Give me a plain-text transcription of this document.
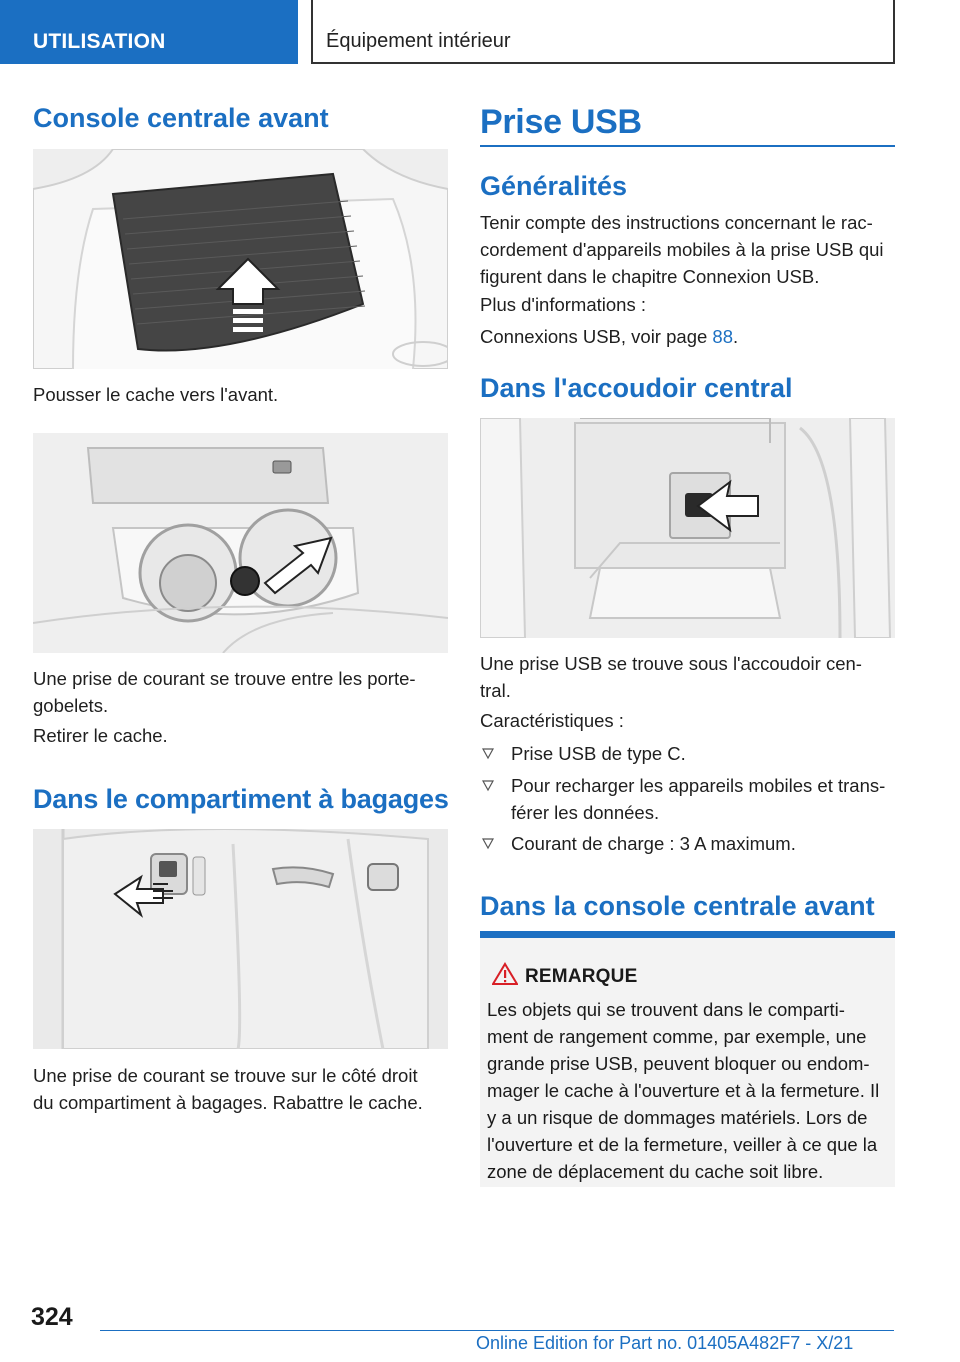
UTILISATION	Équipement intérieur
Console centrale avant
Pousser le cache vers l'avant.
Une prise de courant se trouve entre les porte-
gobelets.
Retirer le cache.
Dans le compartiment à bagages
Une prise de courant se trouve sur le côté droit
du compartiment à bagages. Rabattre le cache.
Prise USB
Généralités
Tenir compte des instructions concernant le rac-
cordement d'appareils mobiles à la prise USB qui
figurent dans le chapitre Connexion USB.
Plus d'informations :
Connexions USB, voir page 88.
Dans l'accoudoir central
Une prise USB se trouve sous l'accoudoir cen-
tral.
Caractéristiques :
Prise USB de type C.
Pour recharger les appareils mobiles et trans-
férer les données.
Courant de charge : 3 A maximum.
Dans la console centrale avant
REMARQUE
Les objets qui se trouvent dans le comparti-
ment de rangement comme, par exemple, une
grande prise USB, peuvent bloquer ou endom-
mager le cache à l'ouverture et à la fermeture. Il
y a un risque de dommages matériels. Lors de
l'ouverture et de la fermeture, veiller à ce que la
zone de déplacement du cache soit libre.
324
Online Edition for Part no. 01405A482F7 - X/21
